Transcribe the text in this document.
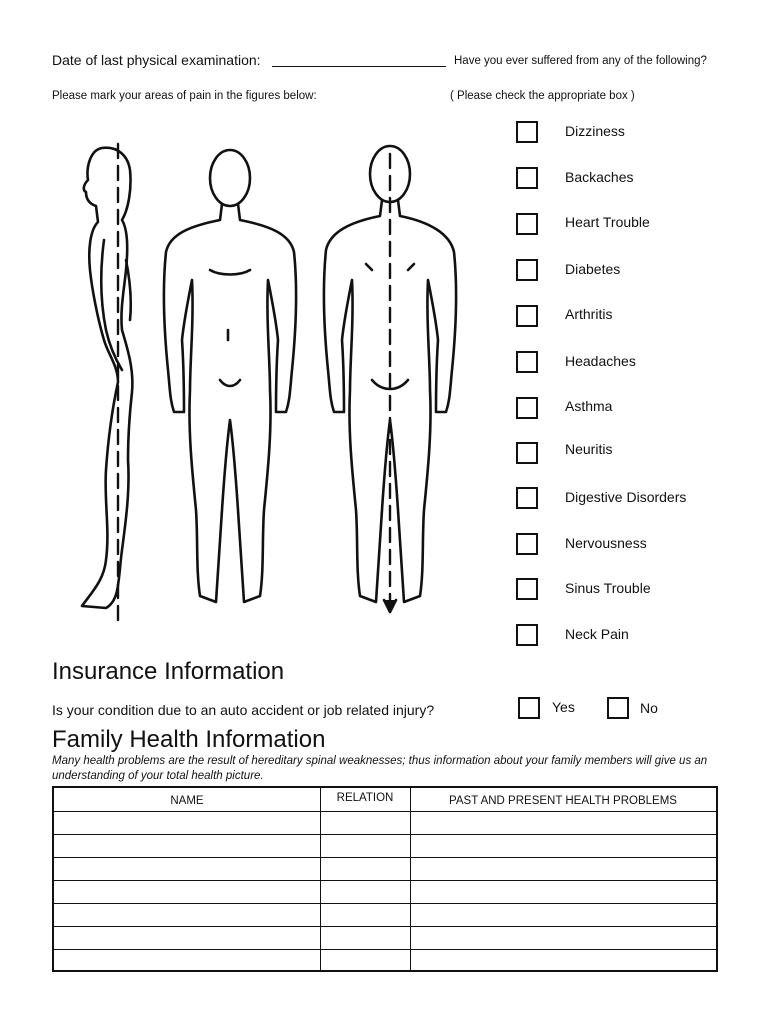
Date of last physical examination:	Have you ever suffered from any of the following?
Please mark your areas of pain in the figures below:	( Please check the appropriate box )
Dizziness
Backaches
Heart Trouble
Diabetes
Arthritis
Headaches
Asthma
Neuritis
Digestive Disorders
Nervousness
Sinus Trouble
Neck Pain
Insurance Information
Is your condition due to an auto accident or job related injury?	Yes	No
Family Health Information
Many health problems are the result of hereditary spinal weaknesses; thus information about your family members will give us an understanding of your total health picture.
NAME	RELATION	PAST AND PRESENT HEALTH PROBLEMS
